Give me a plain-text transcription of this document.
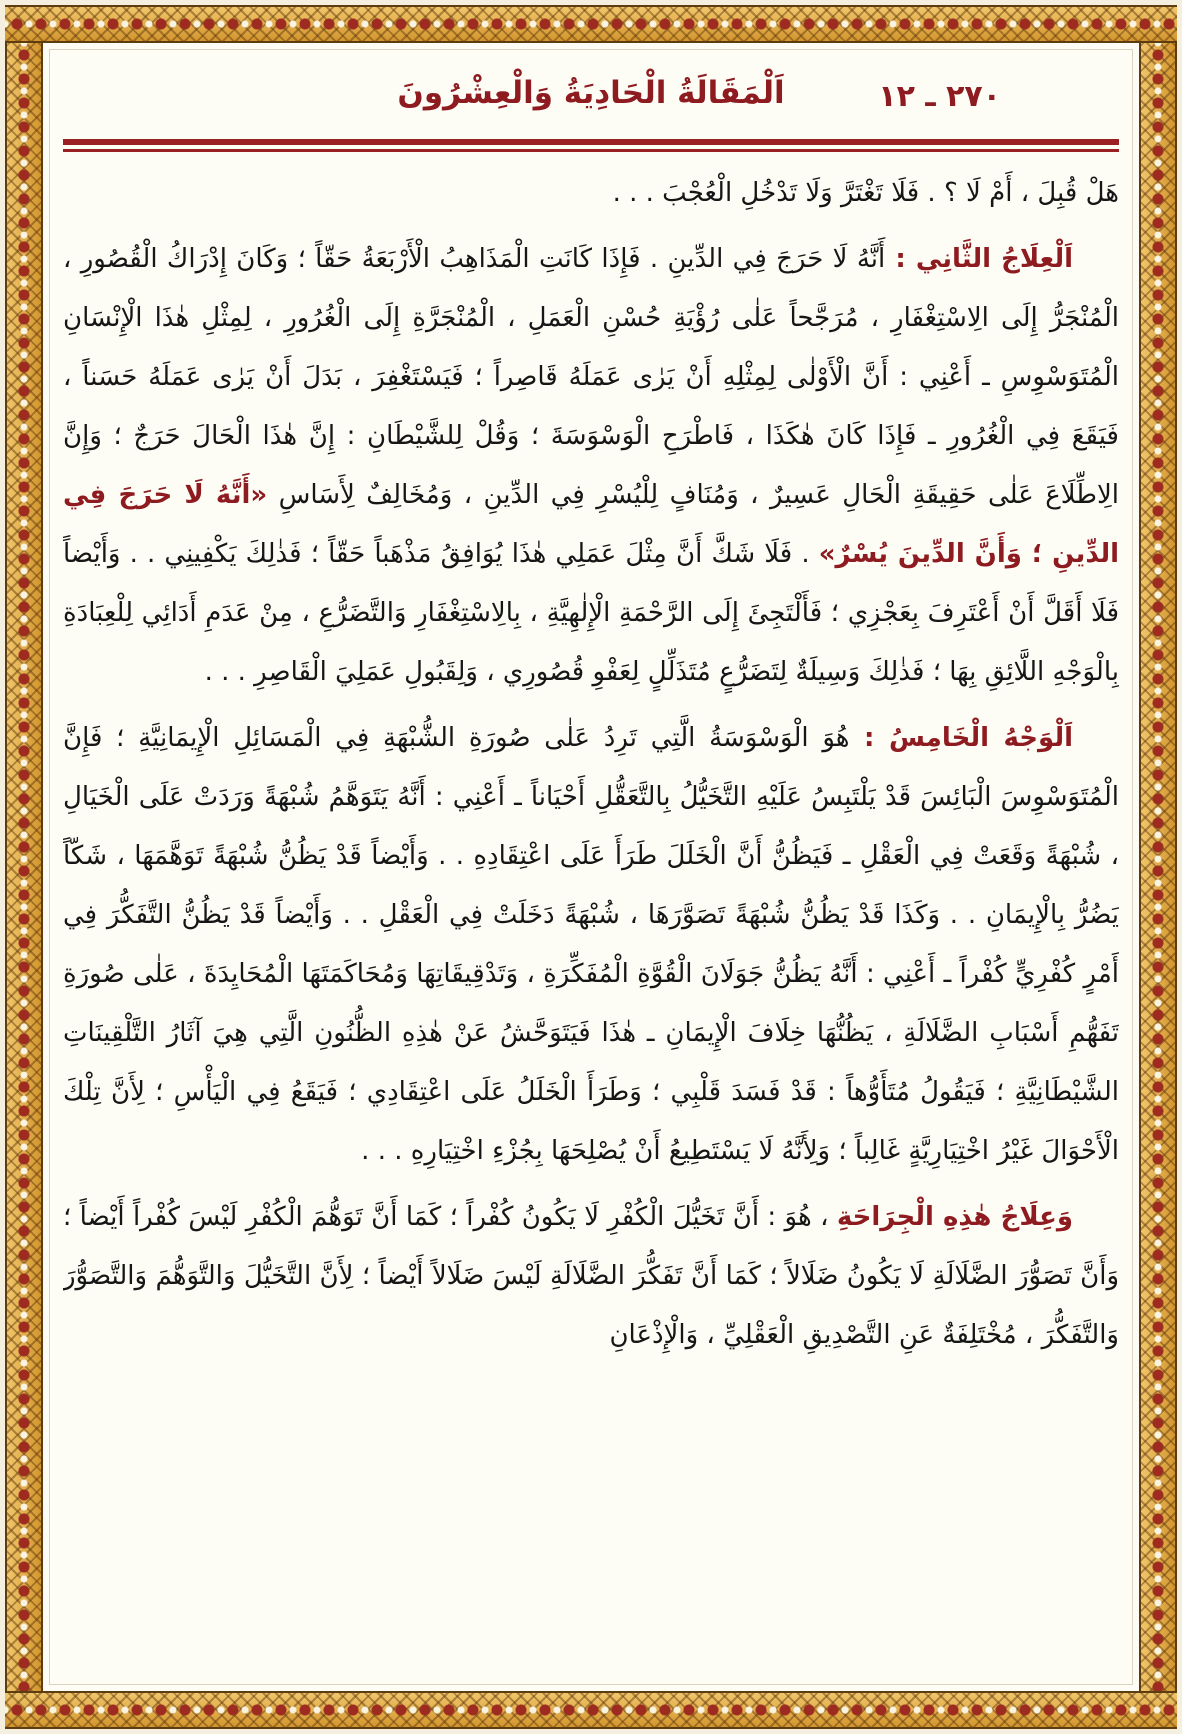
٢٧٠ ـ ١٢
اَلْمَقَالَةُ الْحَادِيَةُ وَالْعِشْرُونَ

هَلْ قُبِلَ ، أَمْ لَا ؟ . فَلَا تَغْتَرَّ وَلَا تَدْخُلِ الْعُجْبَ . . .

اَلْعِلَاجُ الثَّانِي : أَنَّهُ لَا حَرَجَ فِي الدِّينِ . فَإِذَا كَانَتِ الْمَذَاهِبُ الْأَرْبَعَةُ حَقّاً ؛ وَكَانَ إِدْرَاكُ الْقُصُورِ ، الْمُنْجَرُّ إِلَى الِاسْتِغْفَارِ ، مُرَجَّحاً عَلٰى رُؤْيَةِ حُسْنِ الْعَمَلِ ، الْمُنْجَرَّةِ إِلَى الْغُرُورِ ، لِمِثْلِ هٰذَا الْإِنْسَانِ الْمُتَوَسْوِسِ ـ أَعْنِي : أَنَّ الْأَوْلٰى لِمِثْلِهِ أَنْ يَرٰى عَمَلَهُ قَاصِراً ؛ فَيَسْتَغْفِرَ ، بَدَلَ أَنْ يَرٰى عَمَلَهُ حَسَناً ، فَيَقَعَ فِي الْغُرُورِ ـ فَإِذَا كَانَ هٰكَذَا ، فَاطْرَحِ الْوَسْوَسَةَ ؛ وَقُلْ لِلشَّيْطَانِ : إِنَّ هٰذَا الْحَالَ حَرَجٌ ؛ وَإِنَّ الِاطِّلَاعَ عَلٰى حَقِيقَةِ الْحَالِ عَسِيرٌ ، وَمُنَافٍ لِلْيُسْرِ فِي الدِّينِ ، وَمُخَالِفٌ لِأَسَاسِ «أَنَّهُ لَا حَرَجَ فِي الدِّينِ ؛ وَأَنَّ الدِّينَ يُسْرٌ» . فَلَا شَكَّ أَنَّ مِثْلَ عَمَلِي هٰذَا يُوَافِقُ مَذْهَباً حَقّاً ؛ فَذٰلِكَ يَكْفِينِي . . وَأَيْضاً فَلَا أَقَلَّ أَنْ أَعْتَرِفَ بِعَجْزِي ؛ فَأَلْتَجِئَ إِلَى الرَّحْمَةِ الْإِلٰهِيَّةِ ، بِالِاسْتِغْفَارِ وَالتَّضَرُّعِ ، مِنْ عَدَمِ أَدَائِي لِلْعِبَادَةِ بِالْوَجْهِ اللَّائِقِ بِهَا ؛ فَذٰلِكَ وَسِيلَةٌ لِتَضَرُّعٍ مُتَذَلِّلٍ لِعَفْوِ قُصُورِي ، وَلِقَبُولِ عَمَلِيَ الْقَاصِرِ . . .

اَلْوَجْهُ الْخَامِسُ : هُوَ الْوَسْوَسَةُ الَّتِي تَرِدُ عَلٰى صُورَةِ الشُّبْهَةِ فِي الْمَسَائِلِ الْإِيمَانِيَّةِ ؛ فَإِنَّ الْمُتَوَسْوِسَ الْبَائِسَ قَدْ يَلْتَبِسُ عَلَيْهِ التَّخَيُّلُ بِالتَّعَقُّلِ أَحْيَاناً ـ أَعْنِي : أَنَّهُ يَتَوَهَّمُ شُبْهَةً وَرَدَتْ عَلَى الْخَيَالِ ، شُبْهَةً وَقَعَتْ فِي الْعَقْلِ ـ فَيَظُنُّ أَنَّ الْخَلَلَ طَرَأَ عَلَى اعْتِقَادِهِ . . وَأَيْضاً قَدْ يَظُنُّ شُبْهَةً تَوَهَّمَهَا ، شَكّاً يَضُرُّ بِالْإِيمَانِ . . وَكَذَا قَدْ يَظُنُّ شُبْهَةً تَصَوَّرَهَا ، شُبْهَةً دَخَلَتْ فِي الْعَقْلِ . . وَأَيْضاً قَدْ يَظُنُّ التَّفَكُّرَ فِي أَمْرٍ كُفْرِيٍّ كُفْراً ـ أَعْنِي : أَنَّهُ يَظُنُّ جَوَلَانَ الْقُوَّةِ الْمُفَكِّرَةِ ، وَتَدْقِيقَاتِهَا وَمُحَاكَمَتَهَا الْمُحَايِدَةَ ، عَلٰى صُورَةِ تَفَهُّمِ أَسْبَابِ الضَّلَالَةِ ، يَظُنُّهَا خِلَافَ الْإِيمَانِ ـ هٰذَا فَيَتَوَحَّشُ عَنْ هٰذِهِ الظُّنُونِ الَّتِي هِيَ آثَارُ التَّلْقِينَاتِ الشَّيْطَانِيَّةِ ؛ فَيَقُولُ مُتَأَوُّهاً : قَدْ فَسَدَ قَلْبِي ؛ وَطَرَأَ الْخَلَلُ عَلَى اعْتِقَادِي ؛ فَيَقَعُ فِي الْيَأْسِ ؛ لِأَنَّ تِلْكَ الْأَحْوَالَ غَيْرُ اخْتِيَارِيَّةٍ غَالِباً ؛ وَلِأَنَّهُ لَا يَسْتَطِيعُ أَنْ يُصْلِحَهَا بِجُزْءِ اخْتِيَارِهِ . . .

وَعِلَاجُ هٰذِهِ الْجِرَاحَةِ ، هُوَ : أَنَّ تَخَيُّلَ الْكُفْرِ لَا يَكُونُ كُفْراً ؛ كَمَا أَنَّ تَوَهُّمَ الْكُفْرِ لَيْسَ كُفْراً أَيْضاً ؛ وَأَنَّ تَصَوُّرَ الضَّلَالَةِ لَا يَكُونُ ضَلَالاً ؛ كَمَا أَنَّ تَفَكُّرَ الضَّلَالَةِ لَيْسَ ضَلَالاً أَيْضاً ؛ لِأَنَّ التَّخَيُّلَ وَالتَّوَهُّمَ وَالتَّصَوُّرَ وَالتَّفَكُّرَ ، مُخْتَلِفَةٌ عَنِ التَّصْدِيقِ الْعَقْلِيِّ ، وَالْإِذْعَانِ
